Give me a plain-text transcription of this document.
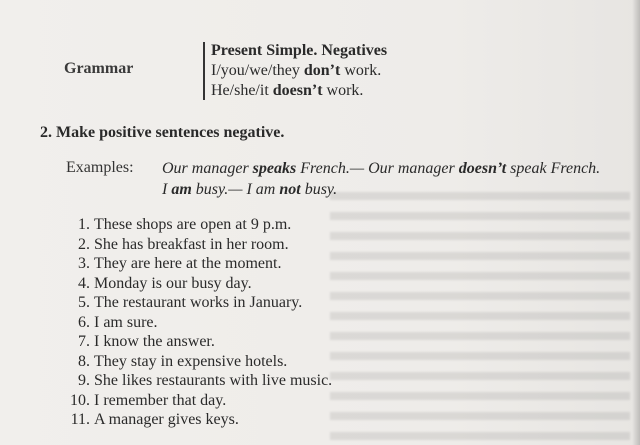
Grammar
Present Simple. Negatives
I/you/we/they don’t work.
He/she/it doesn’t work.
2. Make positive sentences negative.
Examples: Our manager speaks French.— Our manager doesn’t speak French.
I am busy.— I am not busy.
1. These shops are open at 9 p.m.
2. She has breakfast in her room.
3. They are here at the moment.
4. Monday is our busy day.
5. The restaurant works in January.
6. I am sure.
7. I know the answer.
8. They stay in expensive hotels.
9. She likes restaurants with live music.
10. I remember that day.
11. A manager gives keys.
